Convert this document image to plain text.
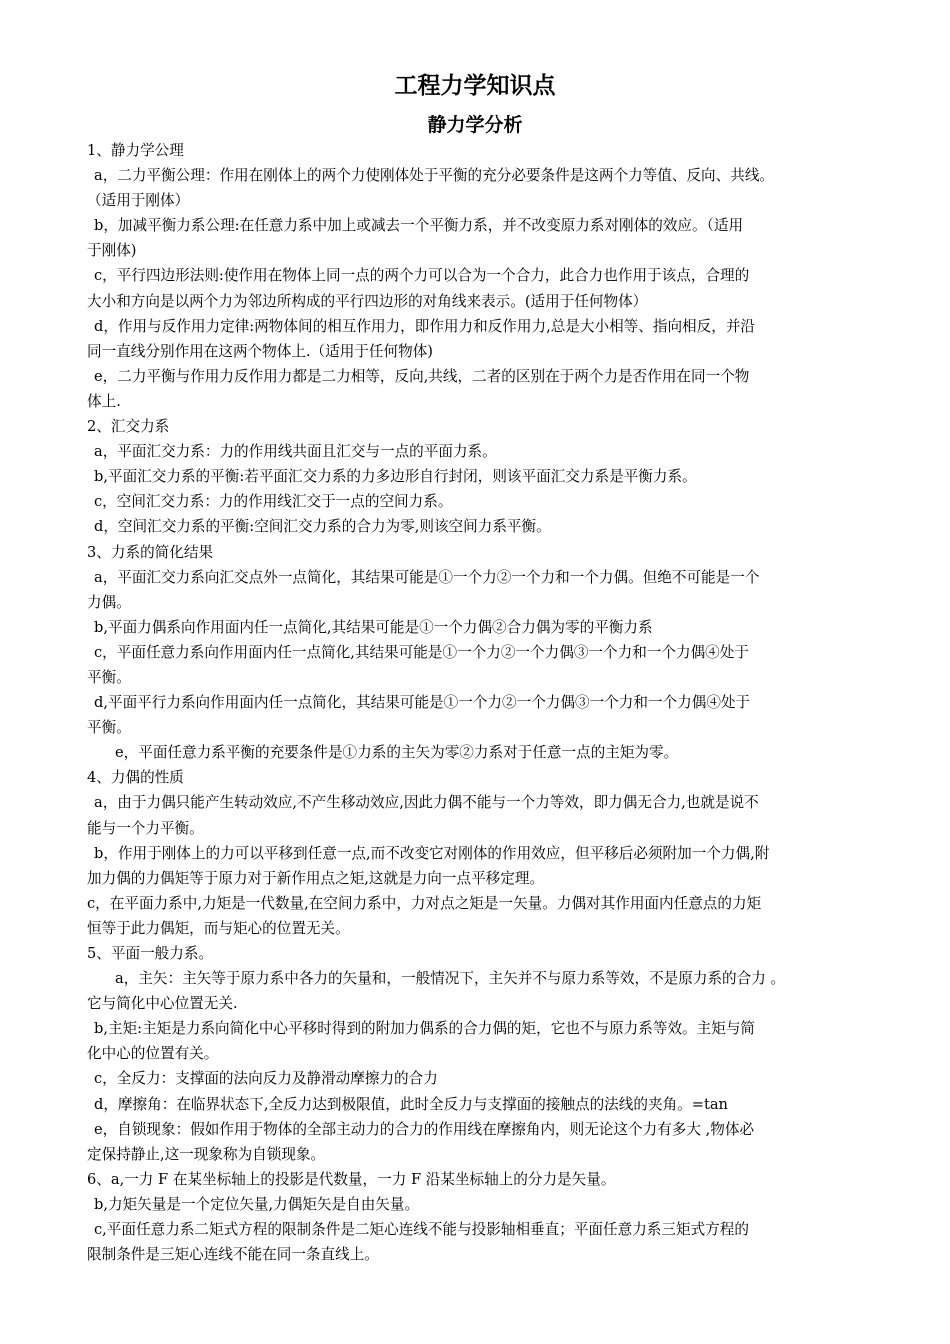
工程力学知识点
静力学分析

1、静力学公理

a，二力平衡公理：作用在刚体上的两个力使刚体处于平衡的充分必要条件是这两个力等值、反向、共线。

（适用于刚体）

b，加减平衡力系公理:在任意力系中加上或减去一个平衡力系，并不改变原力系对刚体的效应。（适用

于刚体)

c，平行四边形法则:使作用在物体上同一点的两个力可以合为一个合力，此合力也作用于该点，合理的

大小和方向是以两个力为邻边所构成的平行四边形的对角线来表示。(适用于任何物体）

d，作用与反作用力定律:两物体间的相互作用力，即作用力和反作用力,总是大小相等、指向相反，并沿

同一直线分别作用在这两个物体上.（适用于任何物体)

e，二力平衡与作用力反作用力都是二力相等，反向,共线，二者的区别在于两个力是否作用在同一个物

体上.

2、汇交力系

a，平面汇交力系：力的作用线共面且汇交与一点的平面力系。

b,平面汇交力系的平衡:若平面汇交力系的力多边形自行封闭，则该平面汇交力系是平衡力系。

c，空间汇交力系：力的作用线汇交于一点的空间力系。

d，空间汇交力系的平衡:空间汇交力系的合力为零,则该空间力系平衡。

3、力系的简化结果

a，平面汇交力系向汇交点外一点简化，其结果可能是①一个力②一个力和一个力偶。但绝不可能是一个

力偶。

b,平面力偶系向作用面内任一点简化,其结果可能是①一个力偶②合力偶为零的平衡力系

c，平面任意力系向作用面内任一点简化,其结果可能是①一个力②一个力偶③一个力和一个力偶④处于

平衡。

d,平面平行力系向作用面内任一点简化，其结果可能是①一个力②一个力偶③一个力和一个力偶④处于

平衡。

e，平面任意力系平衡的充要条件是①力系的主矢为零②力系对于任意一点的主矩为零。

4、力偶的性质

a，由于力偶只能产生转动效应,不产生移动效应,因此力偶不能与一个力等效，即力偶无合力,也就是说不

能与一个力平衡。

b，作用于刚体上的力可以平移到任意一点,而不改变它对刚体的作用效应，但平移后必须附加一个力偶,附

加力偶的力偶矩等于原力对于新作用点之矩,这就是力向一点平移定理。

c，在平面力系中,力矩是一代数量,在空间力系中，力对点之矩是一矢量。力偶对其作用面内任意点的力矩

恒等于此力偶矩，而与矩心的位置无关。

5、平面一般力系。

a，主矢：主矢等于原力系中各力的矢量和，一般情况下，主矢并不与原力系等效，不是原力系的合力 。

它与简化中心位置无关.

b,主矩:主矩是力系向简化中心平移时得到的附加力偶系的合力偶的矩，它也不与原力系等效。主矩与简

化中心的位置有关。

c，全反力：支撑面的法向反力及静滑动摩擦力的合力

d，摩擦角：在临界状态下,全反力达到极限值，此时全反力与支撑面的接触点的法线的夹角。=tan

e，自锁现象：假如作用于物体的全部主动力的合力的作用线在摩擦角内，则无论这个力有多大 ,物体必

定保持静止,这一现象称为自锁现象。

6、a,一力 F 在某坐标轴上的投影是代数量，一力 F 沿某坐标轴上的分力是矢量。

b,力矩矢量是一个定位矢量,力偶矩矢是自由矢量。

c,平面任意力系二矩式方程的限制条件是二矩心连线不能与投影轴相垂直；平面任意力系三矩式方程的

限制条件是三矩心连线不能在同一条直线上。
